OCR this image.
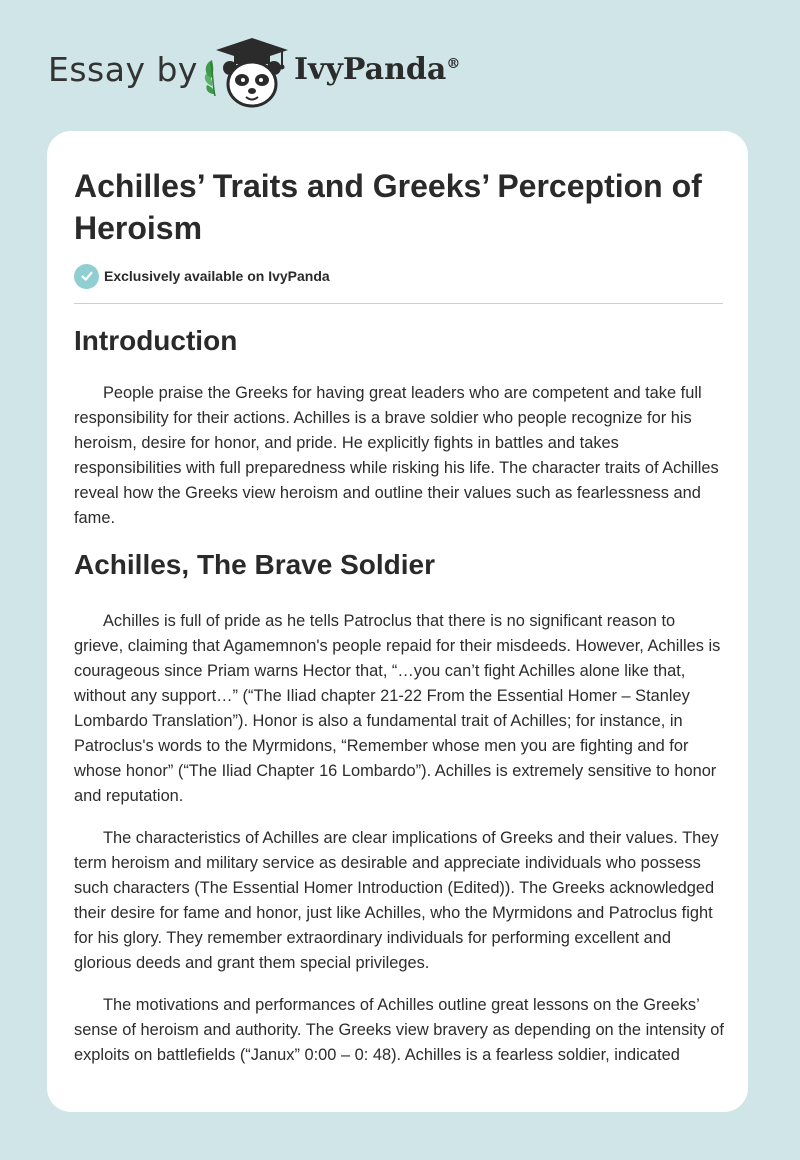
Essay by	IvyPanda®
Achilles’ Traits and Greeks’ Perception of Heroism
Exclusively available on IvyPanda
Introduction

People praise the Greeks for having great leaders who are competent and take full responsibility for their actions. Achilles is a brave soldier who people recognize for his heroism, desire for honor, and pride. He explicitly fights in battles and takes responsibilities with full preparedness while risking his life. The character traits of Achilles reveal how the Greeks view heroism and outline their values such as fearlessness and fame.

Achilles, The Brave Soldier

Achilles is full of pride as he tells Patroclus that there is no significant reason to grieve, claiming that Agamemnon's people repaid for their misdeeds. However, Achilles is courageous since Priam warns Hector that, “…you can’t fight Achilles alone like that, without any support…” (“The Iliad chapter 21-22 From the Essential Homer – Stanley Lombardo Translation”). Honor is also a fundamental trait of Achilles; for instance, in Patroclus's words to the Myrmidons, “Remember whose men you are fighting and for whose honor” (“The Iliad Chapter 16 Lombardo”). Achilles is extremely sensitive to honor and reputation.

The characteristics of Achilles are clear implications of Greeks and their values. They term heroism and military service as desirable and appreciate individuals who possess such characters (The Essential Homer Introduction (Edited)). The Greeks acknowledged their desire for fame and honor, just like Achilles, who the Myrmidons and Patroclus fight for his glory. They remember extraordinary individuals for performing excellent and glorious deeds and grant them special privileges.

The motivations and performances of Achilles outline great lessons on the Greeks’ sense of heroism and authority. The Greeks view bravery as depending on the intensity of exploits on battlefields (“Janux” 0:00 – 0: 48). Achilles is a fearless soldier, indicated
